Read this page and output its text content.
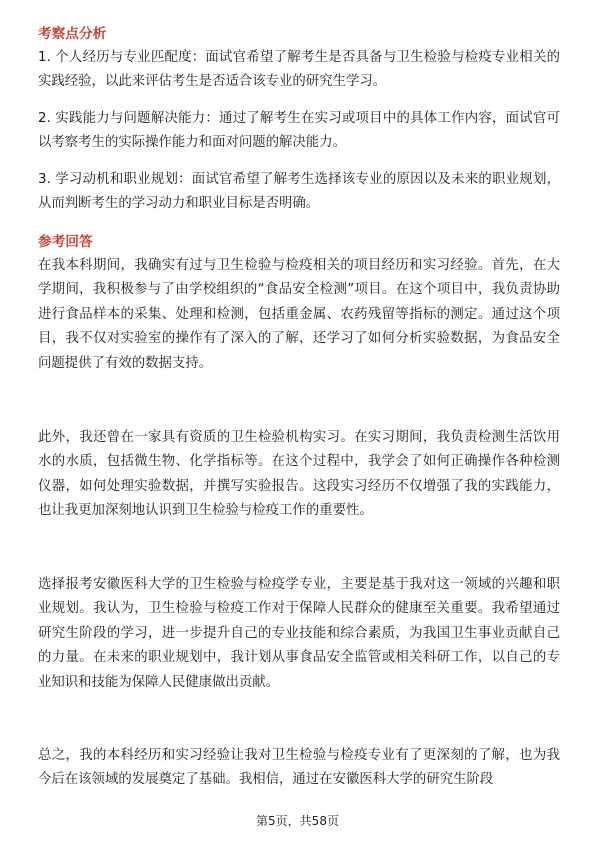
考察点分析

1. 个人经历与专业匹配度：面试官希望了解考生是否具备与卫生检验与检疫专业相关的实践经验，以此来评估考生是否适合该专业的研究生学习。

2. 实践能力与问题解决能力：通过了解考生在实习或项目中的具体工作内容，面试官可以考察考生的实际操作能力和面对问题的解决能力。

3. 学习动机和职业规划：面试官希望了解考生选择该专业的原因以及未来的职业规划，从而判断考生的学习动力和职业目标是否明确。

参考回答

在我本科期间，我确实有过与卫生检验与检疫相关的项目经历和实习经验。首先，在大学期间，我积极参与了由学校组织的“食品安全检测”项目。在这个项目中，我负责协助进行食品样本的采集、处理和检测，包括重金属、农药残留等指标的测定。通过这个项目，我不仅对实验室的操作有了深入的了解，还学习了如何分析实验数据，为食品安全问题提供了有效的数据支持。

此外，我还曾在一家具有资质的卫生检验机构实习。在实习期间，我负责检测生活饮用水的水质，包括微生物、化学指标等。在这个过程中，我学会了如何正确操作各种检测仪器，如何处理实验数据，并撰写实验报告。这段实习经历不仅增强了我的实践能力，也让我更加深刻地认识到卫生检验与检疫工作的重要性。

选择报考安徽医科大学的卫生检验与检疫学专业，主要是基于我对这一领域的兴趣和职业规划。我认为，卫生检验与检疫工作对于保障人民群众的健康至关重要。我希望通过研究生阶段的学习，进一步提升自己的专业技能和综合素质，为我国卫生事业贡献自己的力量。在未来的职业规划中，我计划从事食品安全监管或相关科研工作，以自己的专业知识和技能为保障人民健康做出贡献。

总之，我的本科经历和实习经验让我对卫生检验与检疫专业有了更深刻的了解，也为我今后在该领域的发展奠定了基础。我相信，通过在安徽医科大学的研究生阶段

第5页，共58页
